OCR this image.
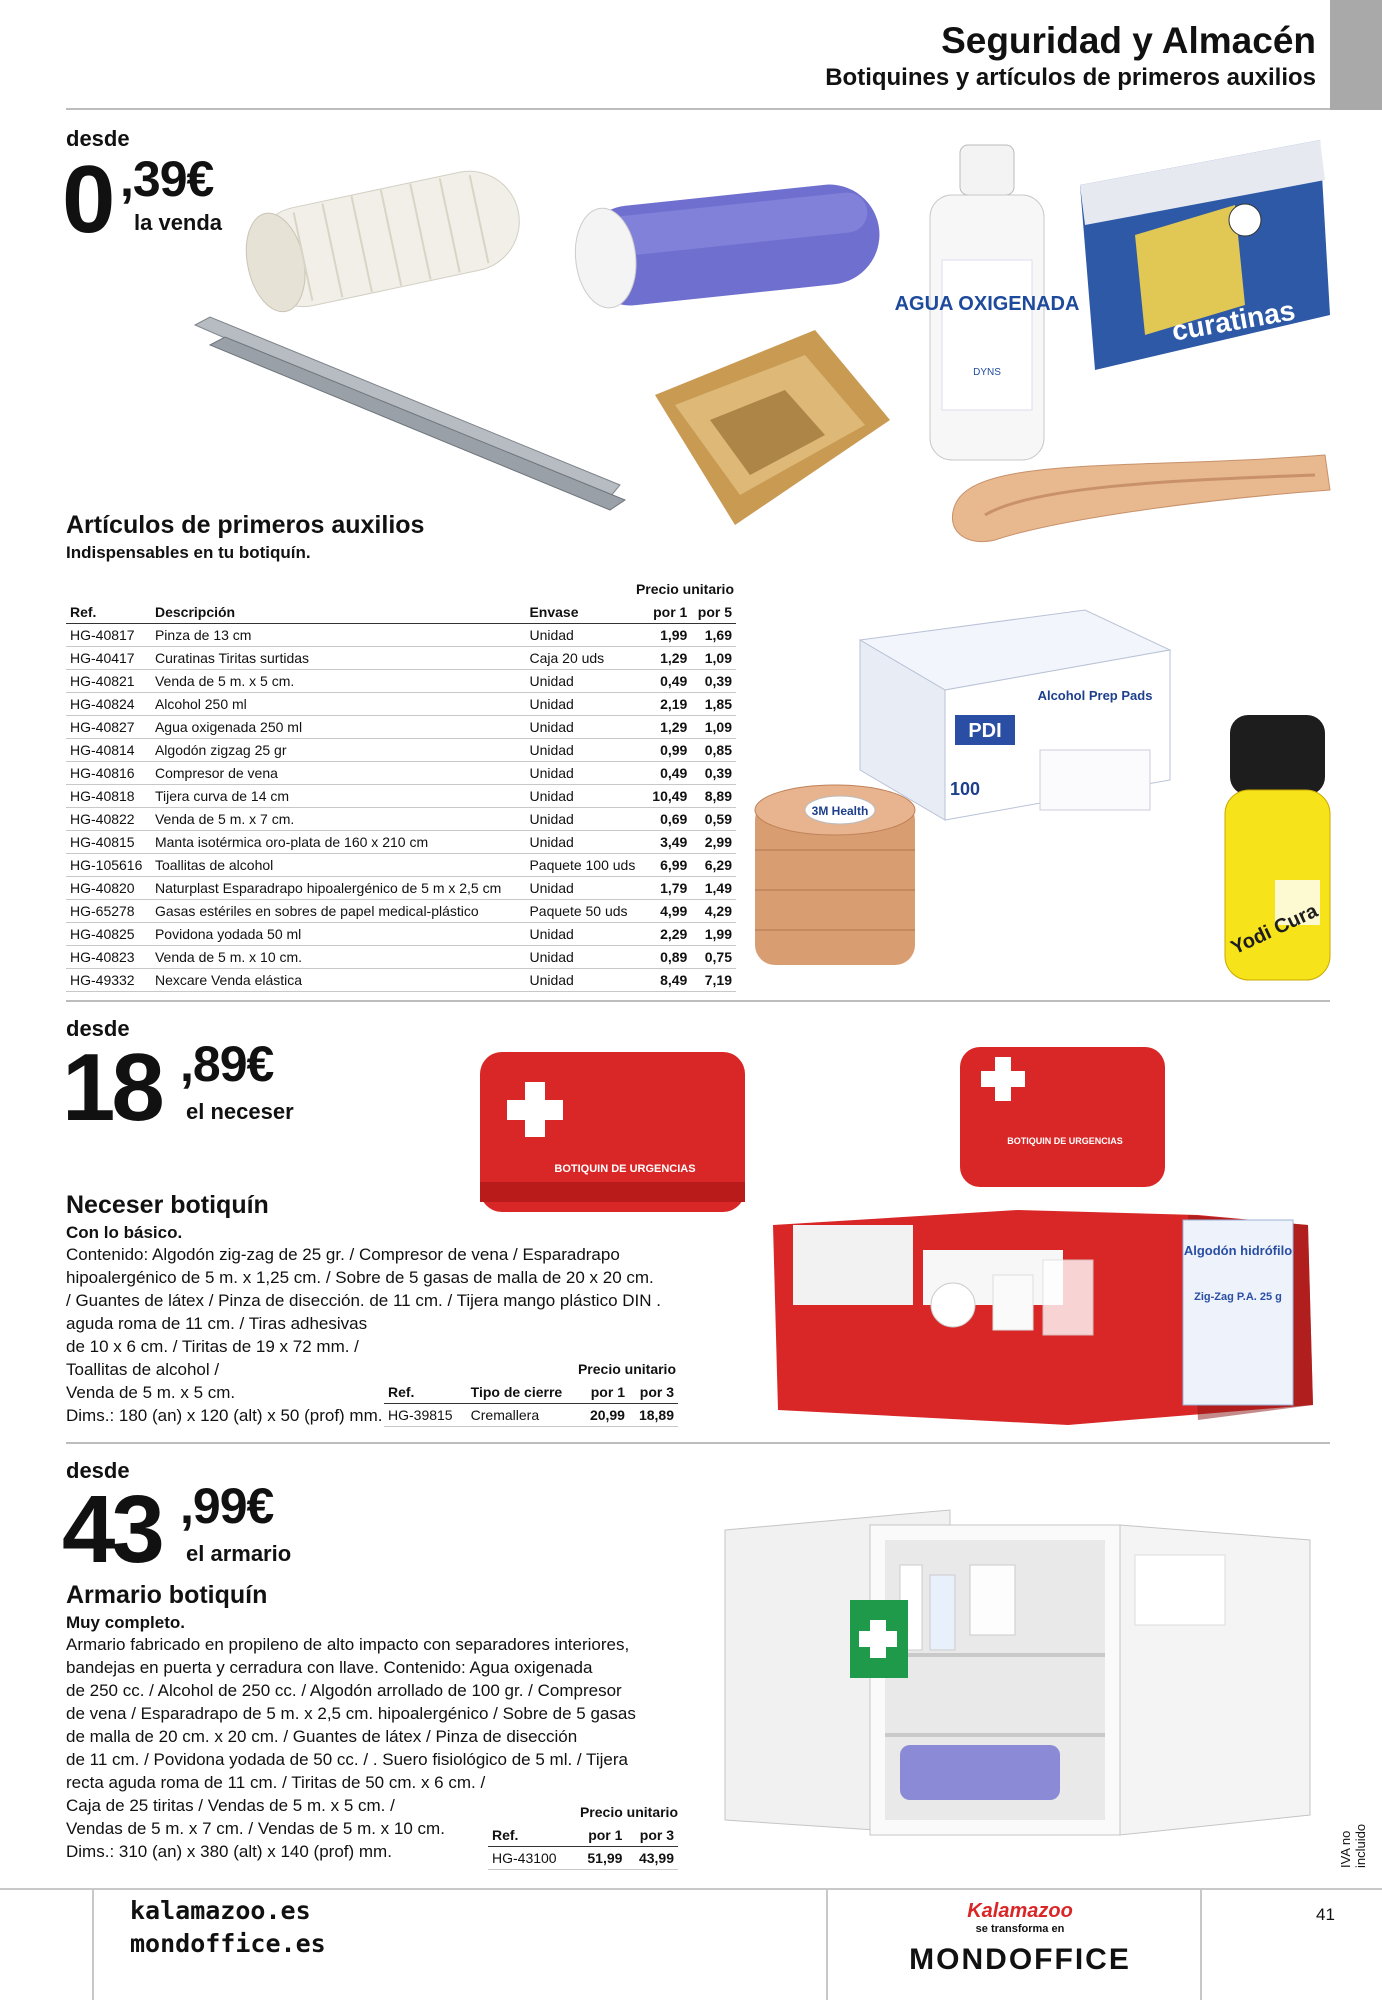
Seguridad y Almacén
Botiquines y artículos de primeros auxilios
desde
0 ,39€
la venda
AGUA OXIGENADA
DYNS
curatinas
Artículos de primeros auxilios
Indispensables en tu botiquín.
Precio unitario
Ref.	Descripción	Envase	por 1	por 5
HG-40817	Pinza de 13 cm	Unidad	1,99	1,69
HG-40417	Curatinas Tiritas surtidas	Caja 20 uds	1,29	1,09
HG-40821	Venda de 5 m. x 5 cm.	Unidad	0,49	0,39
HG-40824	Alcohol 250 ml	Unidad	2,19	1,85
HG-40827	Agua oxigenada 250 ml	Unidad	1,29	1,09
HG-40814	Algodón zigzag 25 gr	Unidad	0,99	0,85
HG-40816	Compresor de vena	Unidad	0,49	0,39
HG-40818	Tijera curva de 14 cm	Unidad	10,49	8,89
HG-40822	Venda de 5 m. x 7 cm.	Unidad	0,69	0,59
HG-40815	Manta isotérmica oro-plata de 160 x 210 cm	Unidad	3,49	2,99
HG-105616	Toallitas de alcohol	Paquete 100 uds	6,99	6,29
HG-40820	Naturplast Esparadrapo hipoalergénico de 5 m x 2,5 cm	Unidad	1,79	1,49
HG-65278	Gasas estériles en sobres de papel medical-plástico	Paquete 50 uds	4,99	4,29
HG-40825	Povidona yodada 50 ml	Unidad	2,29	1,99
HG-40823	Venda de 5 m. x 10 cm.	Unidad	0,89	0,75
HG-49332	Nexcare Venda elástica	Unidad	8,49	7,19
PDI
Alcohol Prep Pads
100
3M Health
Yodi Cura
desde
18 ,89€
el neceser
BOTIQUIN DE URGENCIAS
BOTIQUIN DE URGENCIAS
Algodón hidrófilo
Zig-Zag P.A. 25 g
Neceser botiquín
Con lo básico.
Contenido: Algodón zig-zag de 25 gr. / Compresor de vena / Esparadrapo
hipoalergénico de 5 m. x 1,25 cm. / Sobre de 5 gasas de malla de 20 x 20 cm.
/ Guantes de látex / Pinza de disección. de 11 cm. / Tijera mango plástico DIN .
aguda roma de 11 cm. / Tiras adhesivas
de 10 x 6 cm. / Tiritas de 19 x 72 mm. /
Toallitas de alcohol /
Venda de 5 m. x 5 cm.
Dims.: 180 (an) x 120 (alt) x 50 (prof) mm.
Precio unitario
Ref.	Tipo de cierre	por 1	por 3
HG-39815	Cremallera	20,99	18,89
desde
43 ,99€
el armario
Armario botiquín
Muy completo.
Armario fabricado en propileno de alto impacto con separadores interiores,
bandejas en puerta y cerradura con llave. Contenido: Agua oxigenada
de 250 cc. / Alcohol de 250 cc. / Algodón arrollado de 100 gr. / Compresor
de vena / Esparadrapo de 5 m. x 2,5 cm. hipoalergénico / Sobre de 5 gasas
de malla de 20 cm. x 20 cm. / Guantes de látex / Pinza de disección
de 11 cm. / Povidona yodada de 50 cc. / . Suero fisiológico de 5 ml. / Tijera
recta aguda roma de 11 cm. / Tiritas de 50 cm. x 6 cm. /
Caja de 25 tiritas / Vendas de 5 m. x 5 cm. /
Vendas de 5 m. x 7 cm. / Vendas de 5 m. x 10 cm.
Dims.: 310 (an) x 380 (alt) x 140 (prof) mm.
Precio unitario
Ref.	por 1	por 3
HG-43100	51,99	43,99	IVA no incluido
kalamazoo.es
mondoffice.es
Kalamazoo
se transforma en
MONDOFFICE
41
